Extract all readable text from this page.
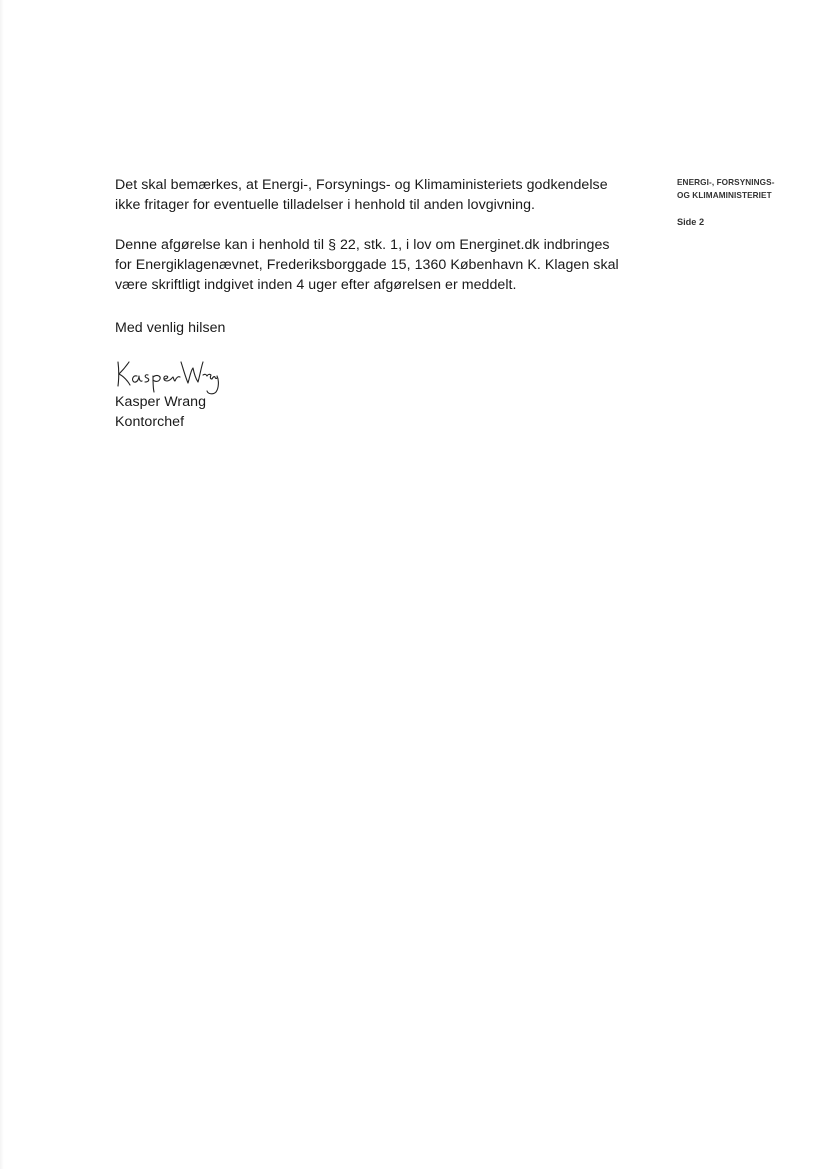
Det skal bemærkes, at Energi-, Forsynings- og Klimaministeriets godkendelse

ikke fritager for eventuelle tilladelser i henhold til anden lovgivning.

Denne afgørelse kan i henhold til § 22, stk. 1, i lov om Energinet.dk indbringes

for Energiklagenævnet, Frederiksborggade 15, 1360 København K. Klagen skal

være skriftligt indgivet inden 4 uger efter afgørelsen er meddelt.

Med venlig hilsen

Kasper Wrang

Kontorchef

ENERGI-, FORSYNINGS-
OG KLIMAMINISTERIET
Side 2
